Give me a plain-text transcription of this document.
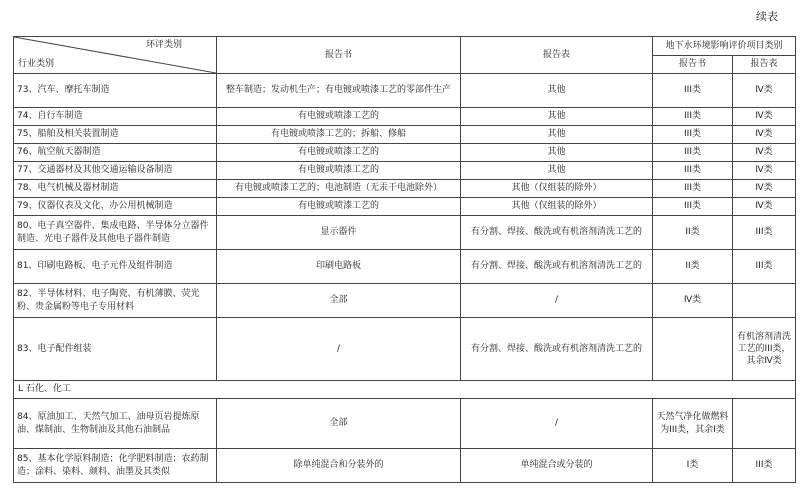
续表
环评类别
行业类别	报告书	报告表	地下水环境影响评价项目类别	
			报告书	报告表
73、汽车、摩托车制造	整车制造；发动机生产；有电镀或喷漆工艺的零部件生产	其他	III类	Ⅳ类
74、自行车制造	有电镀或喷漆工艺的	其他	III类	Ⅳ类
75、船舶及相关装置制造	有电镀或喷漆工艺的；拆船、修船	其他	III类	Ⅳ类
76、航空航天器制造	有电镀或喷漆工艺的	其他	III类	Ⅳ类
77、交通器材及其他交通运输设备制造	有电镀或喷漆工艺的	其他	III类	Ⅳ类
78、电气机械及器材制造	有电镀或喷漆工艺的；电池制造（无汞干电池除外）	其他（仅组装的除外）	III类	Ⅳ类
79、仪器仪表及文化、办公用机械制造	有电镀或喷漆工艺的	其他（仅组装的除外）	III类	Ⅳ类
80、电子真空器件、集成电路、半导体分立器件制造、光电子器件及其他电子器件制造	显示器件	有分割、焊接、酸洗或有机溶剂清洗工艺的	II类	III类
81、印刷电路板、电子元件及组件制造	印刷电路板	有分割、焊接、酸洗或有机溶剂清洗工艺的	II类	III类
82、半导体材料、电子陶瓷、有机薄膜、荧光粉、贵金属粉等电子专用材料	全部	/	Ⅳ类	
83、电子配件组装	/	有分割、焊接、酸洗或有机溶剂清洗工艺的		有机溶剂清洗工艺的III类，其余Ⅳ类
L 石化、化工				
84、原油加工、天然气加工、油母页岩提炼原油、煤制油、生物制油及其他石油制品	全部	/	天然气净化做燃料为III类，其余I类	
85、基本化学原料制造；化学肥料制造；农药制造；涂料、染料、颜料、油墨及其类似	除单纯混合和分装外的	单纯混合或分装的	I类	III类
